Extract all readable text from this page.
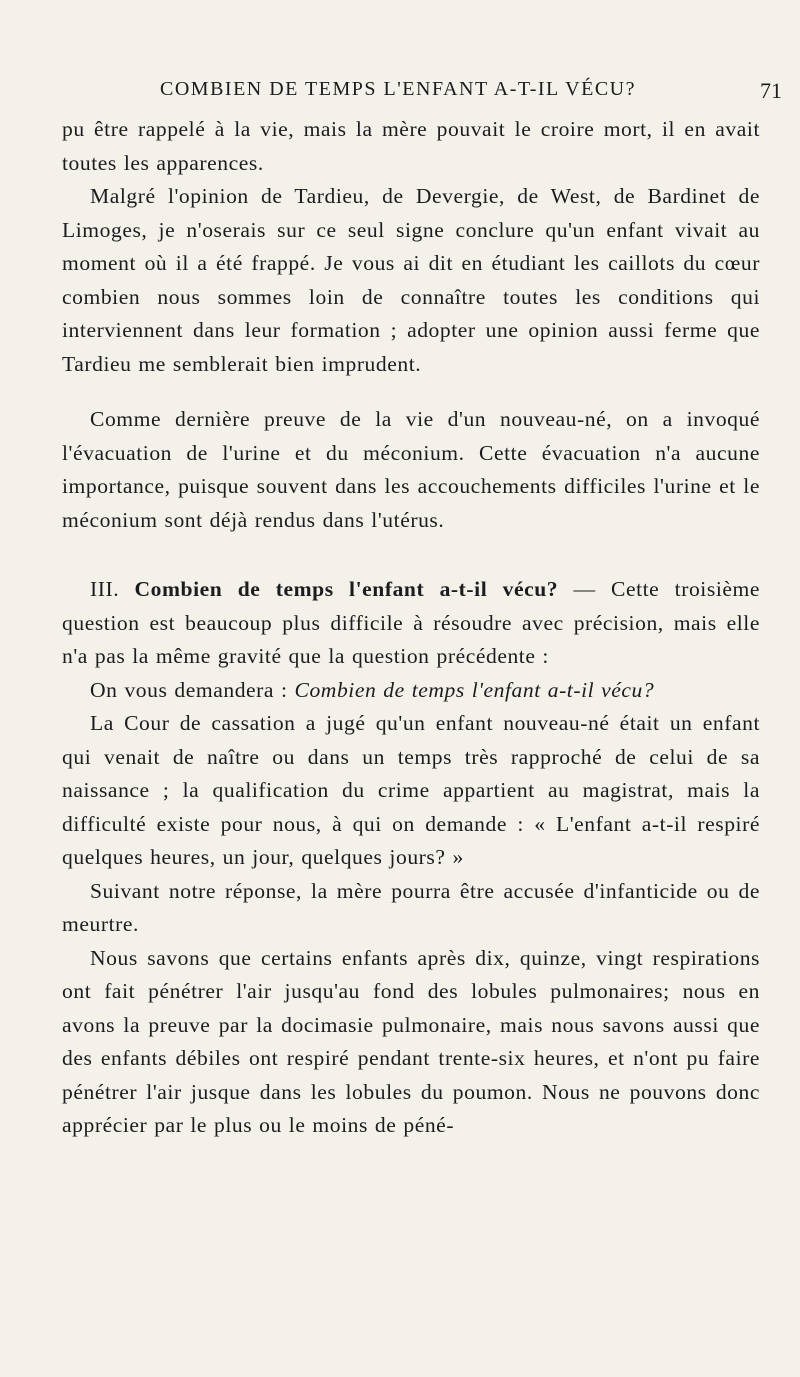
COMBIEN DE TEMPS L'ENFANT A-T-IL VÉCU?	71

pu être rappelé à la vie, mais la mère pouvait le croire mort, il en avait toutes les apparences.

Malgré l'opinion de Tardieu, de Devergie, de West, de Bardinet de Limoges, je n'oserais sur ce seul signe conclure qu'un enfant vivait au moment où il a été frappé. Je vous ai dit en étudiant les caillots du cœur combien nous sommes loin de connaître toutes les conditions qui interviennent dans leur formation ; adopter une opinion aussi ferme que Tardieu me semblerait bien imprudent.

Comme dernière preuve de la vie d'un nouveau-né, on a invoqué l'évacuation de l'urine et du méconium. Cette évacuation n'a aucune importance, puisque souvent dans les accouchements difficiles l'urine et le méconium sont déjà rendus dans l'utérus.

III. Combien de temps l'enfant a-t-il vécu? — Cette troisième question est beaucoup plus difficile à résoudre avec précision, mais elle n'a pas la même gravité que la question précédente :

On vous demandera : Combien de temps l'enfant a-t-il vécu?

La Cour de cassation a jugé qu'un enfant nouveau-né était un enfant qui venait de naître ou dans un temps très rapproché de celui de sa naissance ; la qualification du crime appartient au magistrat, mais la difficulté existe pour nous, à qui on demande : « L'enfant a-t-il respiré quelques heures, un jour, quelques jours? »

Suivant notre réponse, la mère pourra être accusée d'infanticide ou de meurtre.

Nous savons que certains enfants après dix, quinze, vingt respirations ont fait pénétrer l'air jusqu'au fond des lobules pulmonaires; nous en avons la preuve par la docimasie pulmonaire, mais nous savons aussi que des enfants débiles ont respiré pendant trente-six heures, et n'ont pu faire pénétrer l'air jusque dans les lobules du poumon. Nous ne pouvons donc apprécier par le plus ou le moins de péné-
